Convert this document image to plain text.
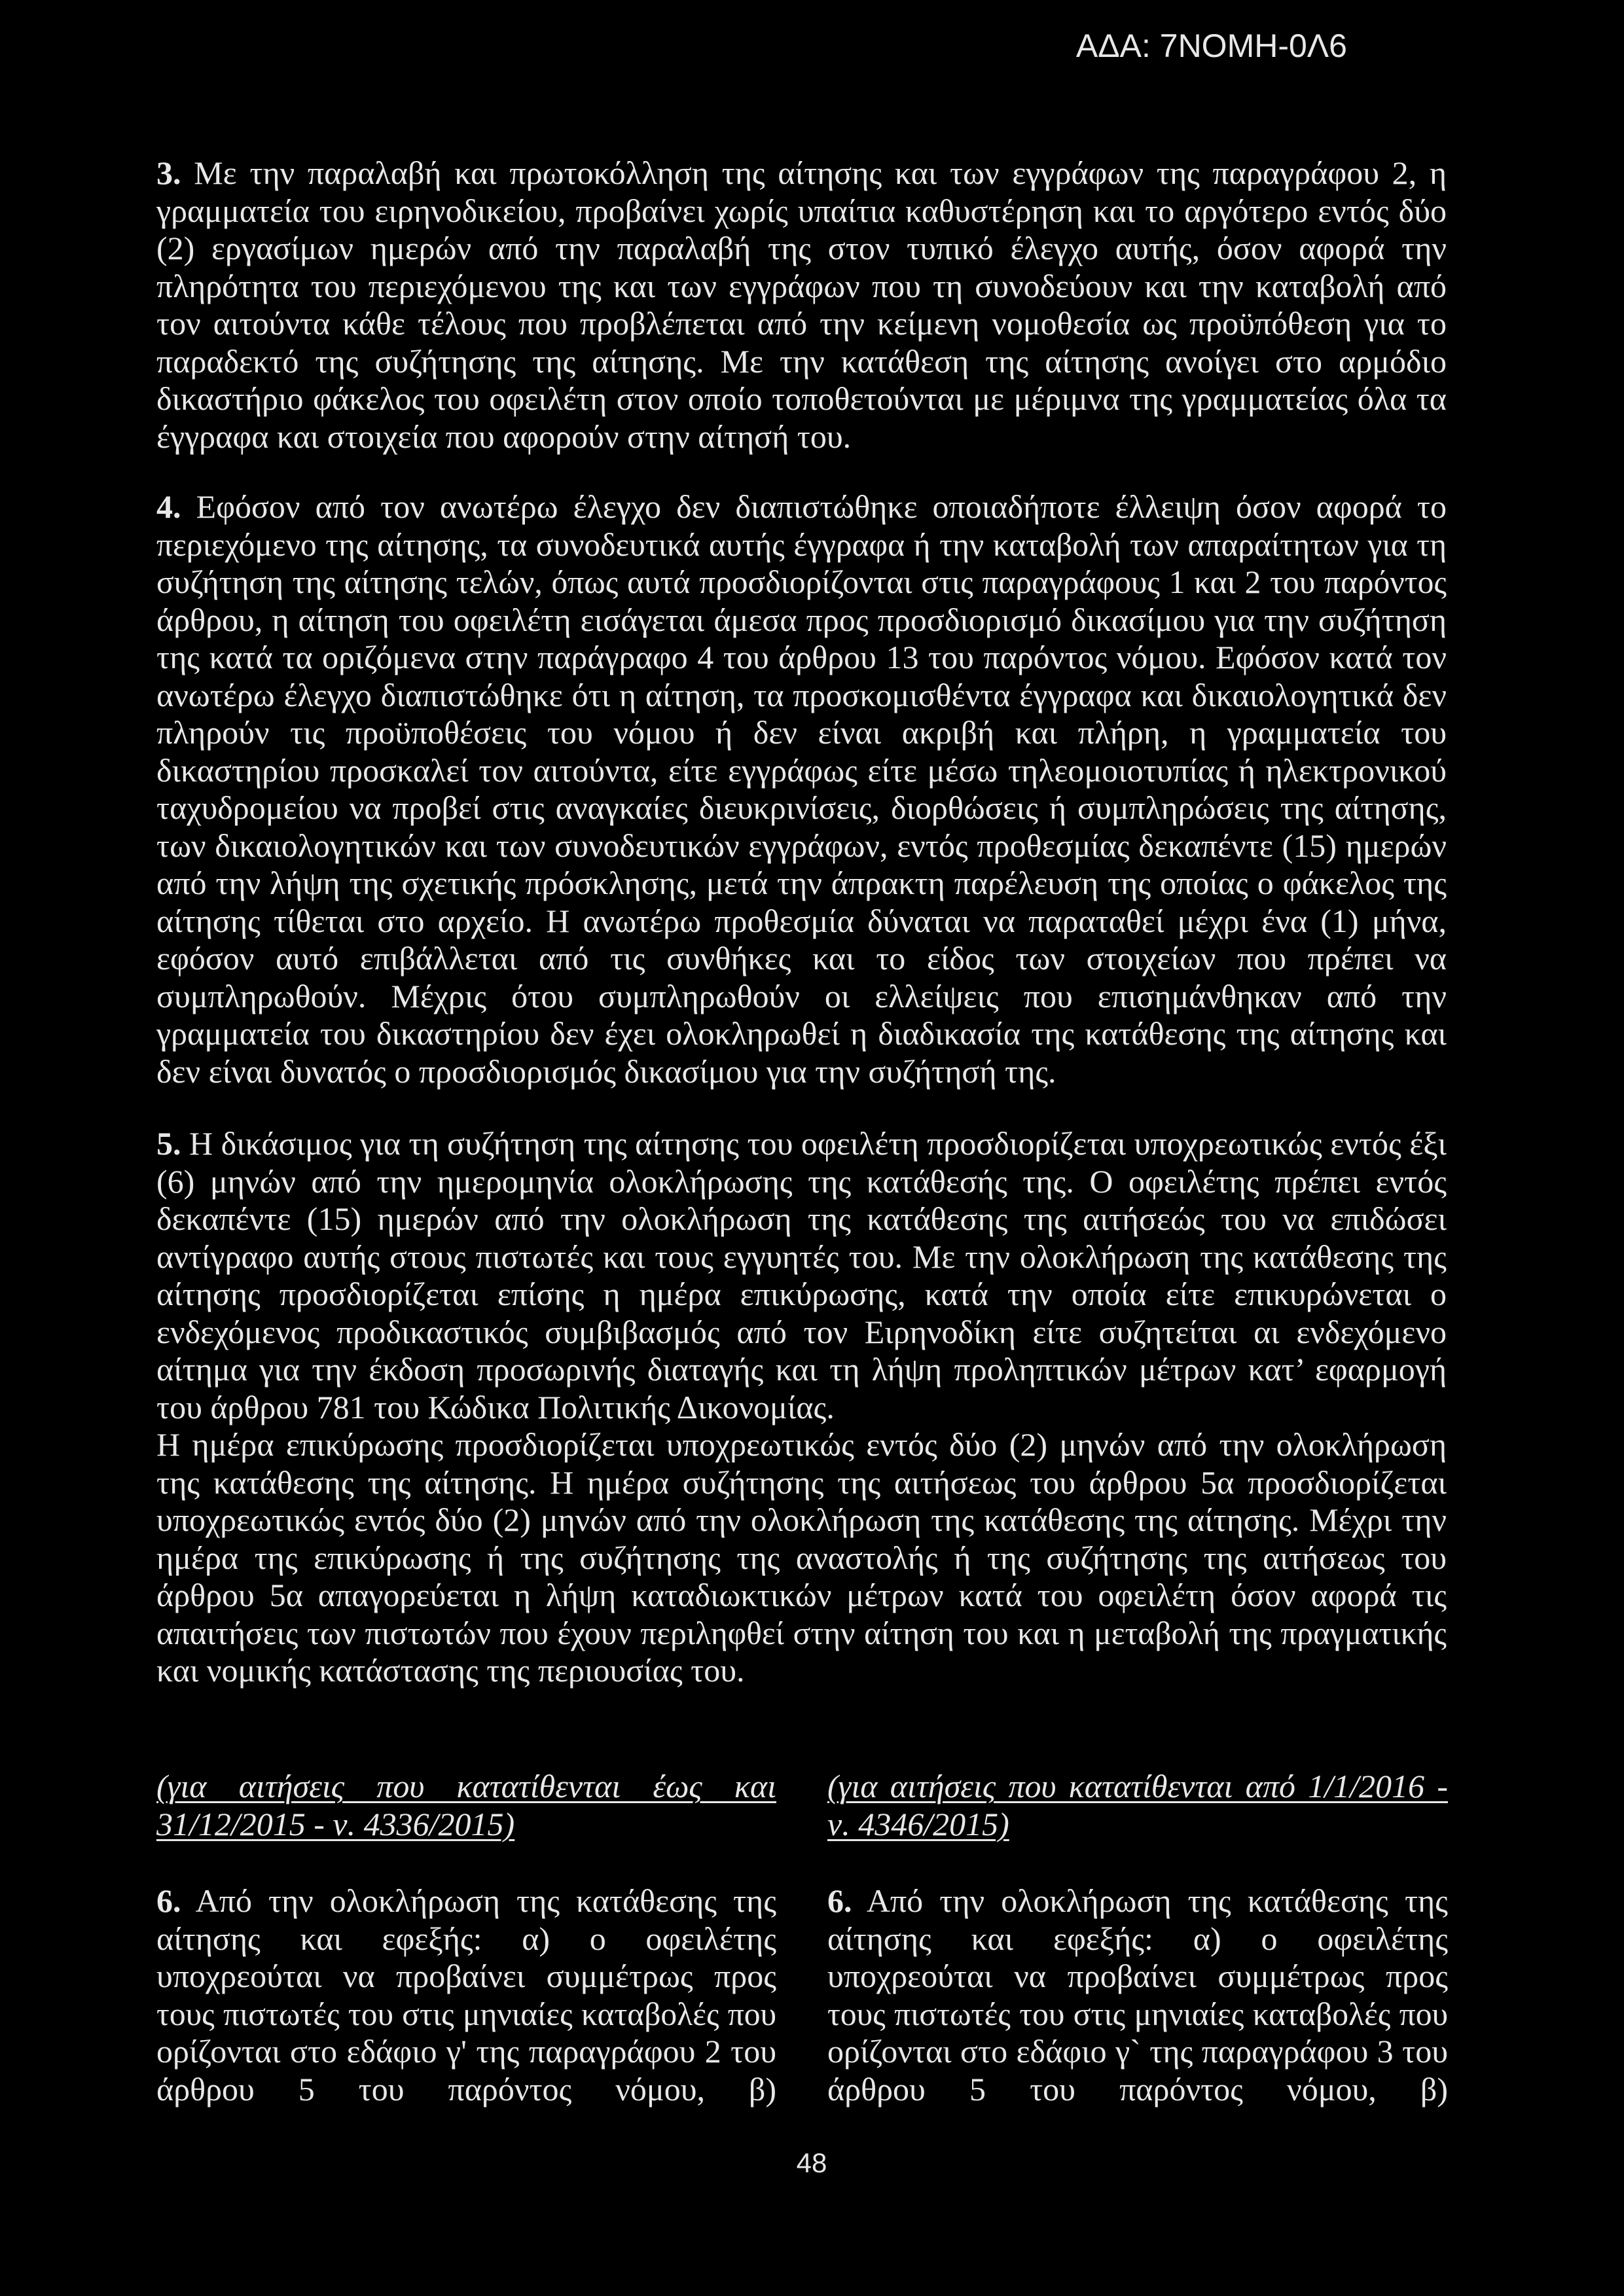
ΑΔΑ: 7ΝΟΜΗ-0Λ6
3. Με την παραλαβή και πρωτοκόλληση της αίτησης και των εγγράφων της παραγράφου 2, η
γραμματεία του ειρηνοδικείου, προβαίνει χωρίς υπαίτια καθυστέρηση και το αργότερο εντός δύο
(2) εργασίμων ημερών από την παραλαβή της στον τυπικό έλεγχο αυτής, όσον αφορά την
πληρότητα του περιεχόμενου της και των εγγράφων που τη συνοδεύουν και την καταβολή από
τον αιτούντα κάθε τέλους που προβλέπεται από την κείμενη νομοθεσία ως προϋπόθεση για το
παραδεκτό της συζήτησης της αίτησης. Με την κατάθεση της αίτησης ανοίγει στο αρμόδιο
δικαστήριο φάκελος του οφειλέτη στον οποίο τοποθετούνται με μέριμνα της γραμματείας όλα τα
έγγραφα και στοιχεία που αφορούν στην αίτησή του.
4. Εφόσον από τον ανωτέρω έλεγχο δεν διαπιστώθηκε οποιαδήποτε έλλειψη όσον αφορά το
περιεχόμενο της αίτησης, τα συνοδευτικά αυτής έγγραφα ή την καταβολή των απαραίτητων για τη
συζήτηση της αίτησης τελών, όπως αυτά προσδιορίζονται στις παραγράφους 1 και 2 του παρόντος
άρθρου, η αίτηση του οφειλέτη εισάγεται άμεσα προς προσδιορισμό δικασίμου για την συζήτηση
της κατά τα οριζόμενα στην παράγραφο 4 του άρθρου 13 του παρόντος νόμου. Εφόσον κατά τον
ανωτέρω έλεγχο διαπιστώθηκε ότι η αίτηση, τα προσκομισθέντα έγγραφα και δικαιολογητικά δεν
πληρούν τις προϋποθέσεις του νόμου ή δεν είναι ακριβή και πλήρη, η γραμματεία του
δικαστηρίου προσκαλεί τον αιτούντα, είτε εγγράφως είτε μέσω τηλεομοιοτυπίας ή ηλεκτρονικού
ταχυδρομείου να προβεί στις αναγκαίες διευκρινίσεις, διορθώσεις ή συμπληρώσεις της αίτησης,
των δικαιολογητικών και των συνοδευτικών εγγράφων, εντός προθεσμίας δεκαπέντε (15) ημερών
από την λήψη της σχετικής πρόσκλησης, μετά την άπρακτη παρέλευση της οποίας ο φάκελος της
αίτησης τίθεται στο αρχείο. Η ανωτέρω προθεσμία δύναται να παραταθεί μέχρι ένα (1) μήνα,
εφόσον αυτό επιβάλλεται από τις συνθήκες και το είδος των στοιχείων που πρέπει να
συμπληρωθούν. Μέχρις ότου συμπληρωθούν οι ελλείψεις που επισημάνθηκαν από την
γραμματεία του δικαστηρίου δεν έχει ολοκληρωθεί η διαδικασία της κατάθεσης της αίτησης και
δεν είναι δυνατός ο προσδιορισμός δικασίμου για την συζήτησή της.
5. Η δικάσιμος για τη συζήτηση της αίτησης του οφειλέτη προσδιορίζεται υποχρεωτικώς εντός έξι
(6) μηνών από την ημερομηνία ολοκλήρωσης της κατάθεσής της. Ο οφειλέτης πρέπει εντός
δεκαπέντε (15) ημερών από την ολοκλήρωση της κατάθεσης της αιτήσεώς του να επιδώσει
αντίγραφο αυτής στους πιστωτές και τους εγγυητές του. Με την ολοκλήρωση της κατάθεσης της
αίτησης προσδιορίζεται επίσης η ημέρα επικύρωσης, κατά την οποία είτε επικυρώνεται ο
ενδεχόμενος προδικαστικός συμβιβασμός από τον Ειρηνοδίκη είτε συζητείται αι ενδεχόμενο
αίτημα για την έκδοση προσωρινής διαταγής και τη λήψη προληπτικών μέτρων κατ’ εφαρμογή
του άρθρου 781 του Κώδικα Πολιτικής Δικονομίας.
Η ημέρα επικύρωσης προσδιορίζεται υποχρεωτικώς εντός δύο (2) μηνών από την ολοκλήρωση
της κατάθεσης της αίτησης. Η ημέρα συζήτησης της αιτήσεως του άρθρου 5α προσδιορίζεται
υποχρεωτικώς εντός δύο (2) μηνών από την ολοκλήρωση της κατάθεσης της αίτησης. Μέχρι την
ημέρα της επικύρωσης ή της συζήτησης της αναστολής ή της συζήτησης της αιτήσεως του
άρθρου 5α απαγορεύεται η λήψη καταδιωκτικών μέτρων κατά του οφειλέτη όσον αφορά τις
απαιτήσεις των πιστωτών που έχουν περιληφθεί στην αίτηση του και η μεταβολή της πραγματικής
και νομικής κατάστασης της περιουσίας του.
(για αιτήσεις που κατατίθενται έως και
31/12/2015 - ν. 4336/2015)
(για αιτήσεις που κατατίθενται από 1/1/2016 -
ν. 4346/2015)
6. Από την ολοκλήρωση της κατάθεσης της
αίτησης και εφεξής: α) ο οφειλέτης
υποχρεούται να προβαίνει συμμέτρως προς
τους πιστωτές του στις μηνιαίες καταβολές που
ορίζονται στο εδάφιο γ' της παραγράφου 2 του
άρθρου 5 του παρόντος νόμου, β)
6. Από την ολοκλήρωση της κατάθεσης της
αίτησης και εφεξής: α) ο οφειλέτης
υποχρεούται να προβαίνει συμμέτρως προς
τους πιστωτές του στις μηνιαίες καταβολές που
ορίζονται στο εδάφιο γ` της παραγράφου 3 του
άρθρου 5 του παρόντος νόμου, β)
48
